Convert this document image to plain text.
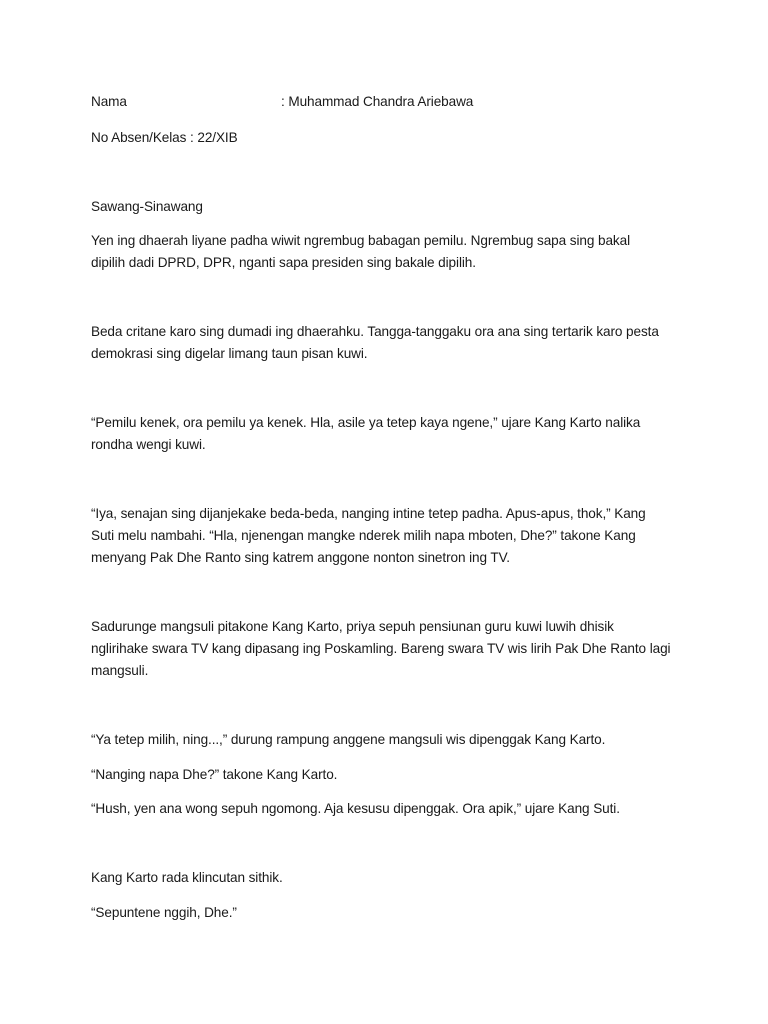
Nama	: Muhammad Chandra Ariebawa
No Absen/Kelas : 22/XIB
Sawang-Sinawang
Yen ing dhaerah liyane padha wiwit ngrembug babagan pemilu. Ngrembug sapa sing bakal
dipilih dadi DPRD, DPR, nganti sapa presiden sing bakale dipilih.
Beda critane karo sing dumadi ing dhaerahku. Tangga-tanggaku ora ana sing tertarik karo pesta
demokrasi sing digelar limang taun pisan kuwi.
“Pemilu kenek, ora pemilu ya kenek. Hla, asile ya tetep kaya ngene,” ujare Kang Karto nalika
rondha wengi kuwi.
“Iya, senajan sing dijanjekake beda-beda, nanging intine tetep padha. Apus-apus, thok,” Kang
Suti melu nambahi. “Hla, njenengan mangke nderek milih napa mboten, Dhe?” takone Kang
menyang Pak Dhe Ranto sing katrem anggone nonton sinetron ing TV.
Sadurunge mangsuli pitakone Kang Karto, priya sepuh pensiunan guru kuwi luwih dhisik
nglirihake swara TV kang dipasang ing Poskamling. Bareng swara TV wis lirih Pak Dhe Ranto lagi
mangsuli.
“Ya tetep milih, ning...,” durung rampung anggene mangsuli wis dipenggak Kang Karto.
“Nanging napa Dhe?” takone Kang Karto.
“Hush, yen ana wong sepuh ngomong. Aja kesusu dipenggak. Ora apik,” ujare Kang Suti.
Kang Karto rada klincutan sithik.
“Sepuntene nggih, Dhe.”
